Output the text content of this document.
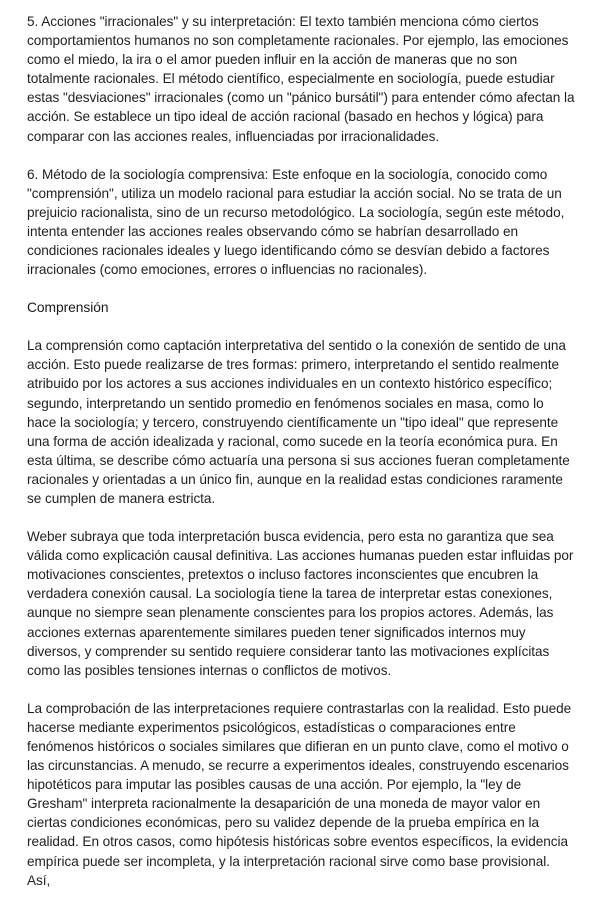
5. Acciones "irracionales" y su interpretación: El texto también menciona cómo ciertos comportamientos humanos no son completamente racionales. Por ejemplo, las emociones como el miedo, la ira o el amor pueden influir en la acción de maneras que no son totalmente racionales. El método científico, especialmente en sociología, puede estudiar estas "desviaciones" irracionales (como un "pánico bursátil") para entender cómo afectan la acción. Se establece un tipo ideal de acción racional (basado en hechos y lógica) para comparar con las acciones reales, influenciadas por irracionalidades.

6. Método de la sociología comprensiva: Este enfoque en la sociología, conocido como "comprensión", utiliza un modelo racional para estudiar la acción social. No se trata de un prejuicio racionalista, sino de un recurso metodológico. La sociología, según este método, intenta entender las acciones reales observando cómo se habrían desarrollado en condiciones racionales ideales y luego identificando cómo se desvían debido a factores irracionales (como emociones, errores o influencias no racionales).

Comprensión

La comprensión como captación interpretativa del sentido o la conexión de sentido de una acción. Esto puede realizarse de tres formas: primero, interpretando el sentido realmente atribuido por los actores a sus acciones individuales en un contexto histórico específico; segundo, interpretando un sentido promedio en fenómenos sociales en masa, como lo hace la sociología; y tercero, construyendo científicamente un "tipo ideal" que represente una forma de acción idealizada y racional, como sucede en la teoría económica pura. En esta última, se describe cómo actuaría una persona si sus acciones fueran completamente racionales y orientadas a un único fin, aunque en la realidad estas condiciones raramente se cumplen de manera estricta.

Weber subraya que toda interpretación busca evidencia, pero esta no garantiza que sea válida como explicación causal definitiva. Las acciones humanas pueden estar influidas por motivaciones conscientes, pretextos o incluso factores inconscientes que encubren la verdadera conexión causal. La sociología tiene la tarea de interpretar estas conexiones, aunque no siempre sean plenamente conscientes para los propios actores. Además, las acciones externas aparentemente similares pueden tener significados internos muy diversos, y comprender su sentido requiere considerar tanto las motivaciones explícitas como las posibles tensiones internas o conflictos de motivos.

La comprobación de las interpretaciones requiere contrastarlas con la realidad. Esto puede hacerse mediante experimentos psicológicos, estadísticas o comparaciones entre fenómenos históricos o sociales similares que difieran en un punto clave, como el motivo o las circunstancias. A menudo, se recurre a experimentos ideales, construyendo escenarios hipotéticos para imputar las posibles causas de una acción. Por ejemplo, la "ley de Gresham" interpreta racionalmente la desaparición de una moneda de mayor valor en ciertas condiciones económicas, pero su validez depende de la prueba empírica en la realidad. En otros casos, como hipótesis históricas sobre eventos específicos, la evidencia empírica puede ser incompleta, y la interpretación racional sirve como base provisional. Así,
